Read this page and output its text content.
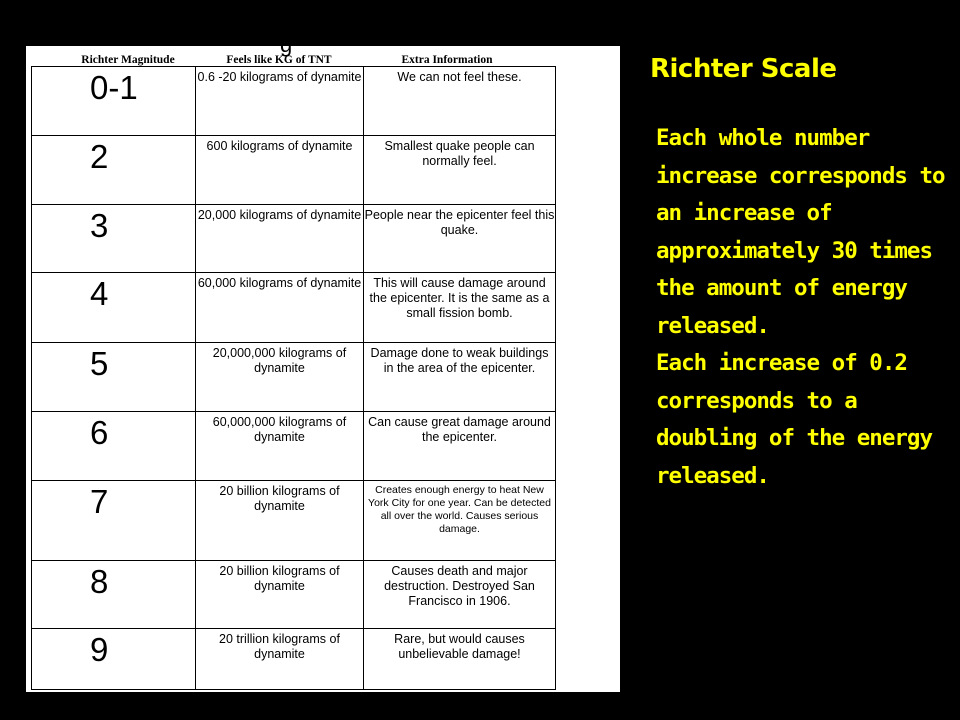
g
Richter Magnitude	Feels like KG of TNT	Extra Information
0-1	0.6 -20 kilograms of dynamite	We can not feel these.
2	600 kilograms of dynamite	Smallest quake people can normally feel.
3	20,000 kilograms of dynamite	People near the epicenter feel this quake.
4	60,000 kilograms of dynamite	This will cause damage around the epicenter. It is the same as a small fission bomb.
5	20,000,000 kilograms of dynamite	Damage done to weak buildings in the area of the epicenter.
6	60,000,000 kilograms of dynamite	Can cause great damage around the epicenter.
7	20 billion kilograms of dynamite	Creates enough energy to heat New York City for one year. Can be detected all over the world. Causes serious damage.
8	20 billion kilograms of dynamite	Causes death and major destruction. Destroyed San Francisco in 1906.
9	20 trillion kilograms of dynamite	Rare, but would causes unbelievable damage!
Richter Scale

Each whole number increase corresponds to an increase of approximately 30 times the amount of energy released.

Each increase of 0.2 corresponds to a doubling of the energy released.
